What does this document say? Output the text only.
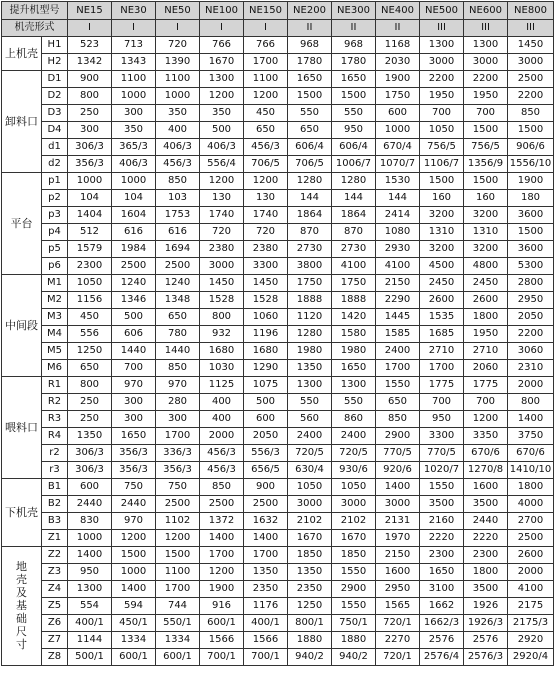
提升机型号		NE15	NE30	NE50	NE100	NE150	NE200	NE300	NE400	NE500	NE600	NE800
机壳形式		I	I	I	I	I	II	II	II	III	III	III
上机壳	H1	523	713	720	766	766	968	968	1168	1300	1300	1450
	H2	1342	1343	1390	1670	1700	1780	1780	2030	3000	3000	3000
卸料口	D1	900	1100	1100	1300	1100	1650	1650	1900	2200	2200	2500
	D2	800	1000	1000	1200	1200	1500	1500	1750	1950	1950	2200
	D3	250	300	350	350	450	550	550	600	700	700	850
	D4	300	350	400	500	650	650	950	1000	1050	1500	1500
	d1	306/3	365/3	406/3	406/3	456/3	606/4	606/4	670/4	756/5	756/5	906/6
	d2	356/3	406/3	456/3	556/4	706/5	706/5	1006/7	1070/7	1106/7	1356/9	1556/10
平台	p1	1000	1000	850	1200	1200	1280	1280	1530	1500	1500	1900
	p2	104	104	103	130	130	144	144	144	160	160	180
	p3	1404	1604	1753	1740	1740	1864	1864	2414	3200	3200	3600
	p4	512	616	616	720	720	870	870	1080	1310	1310	1500
	p5	1579	1984	1694	2380	2380	2730	2730	2930	3200	3200	3600
	p6	2300	2500	2500	3000	3300	3800	4100	4100	4500	4800	5300
中间段	M1	1050	1240	1240	1450	1450	1750	1750	2150	2450	2450	2800
	M2	1156	1346	1348	1528	1528	1888	1888	2290	2600	2600	2950
	M3	450	500	650	800	1060	1120	1420	1445	1535	1800	2050
	M4	556	606	780	932	1196	1280	1580	1585	1685	1950	2200
	M5	1250	1440	1440	1680	1680	1980	1980	2400	2710	2710	3060
	M6	650	700	850	1030	1290	1350	1650	1700	1700	2060	2310
喂料口	R1	800	970	970	1125	1075	1300	1300	1550	1775	1775	2000
	R2	250	300	280	400	500	550	550	650	700	700	800
	R3	250	300	300	400	600	560	860	850	950	1200	1400
	R4	1350	1650	1700	2000	2050	2400	2400	2900	3300	3350	3750
	r2	306/3	356/3	336/3	456/3	556/3	720/5	720/5	770/5	770/5	670/6	670/6
	r3	306/3	356/3	356/3	456/3	656/5	630/4	930/6	920/6	1020/7	1270/8	1410/10
下机壳	B1	600	750	750	850	900	1050	1050	1400	1550	1600	1800
	B2	2440	2440	2500	2500	2500	3000	3000	3000	3500	3500	4000
	B3	830	970	1102	1372	1632	2102	2102	2131	2160	2440	2700
	Z1	1000	1200	1200	1400	1400	1670	1670	1970	2220	2220	2500
地壳及基础尺寸	Z2	1400	1500	1500	1700	1700	1850	1850	2150	2300	2300	2600
	Z3	950	1000	1100	1200	1350	1350	1550	1600	1650	1800	2000
	Z4	1300	1400	1700	1900	2350	2350	2900	2950	3100	3500	4100
	Z5	554	594	744	916	1176	1250	1550	1565	1662	1926	2175
	Z6	400/1	450/1	550/1	600/1	400/1	800/1	750/1	720/1	1662/3	1926/3	2175/3
	Z7	1144	1334	1334	1566	1566	1880	1880	2270	2576	2576	2920
	Z8	500/1	600/1	600/1	700/1	700/1	940/2	940/2	720/1	2576/4	2576/3	2920/4
